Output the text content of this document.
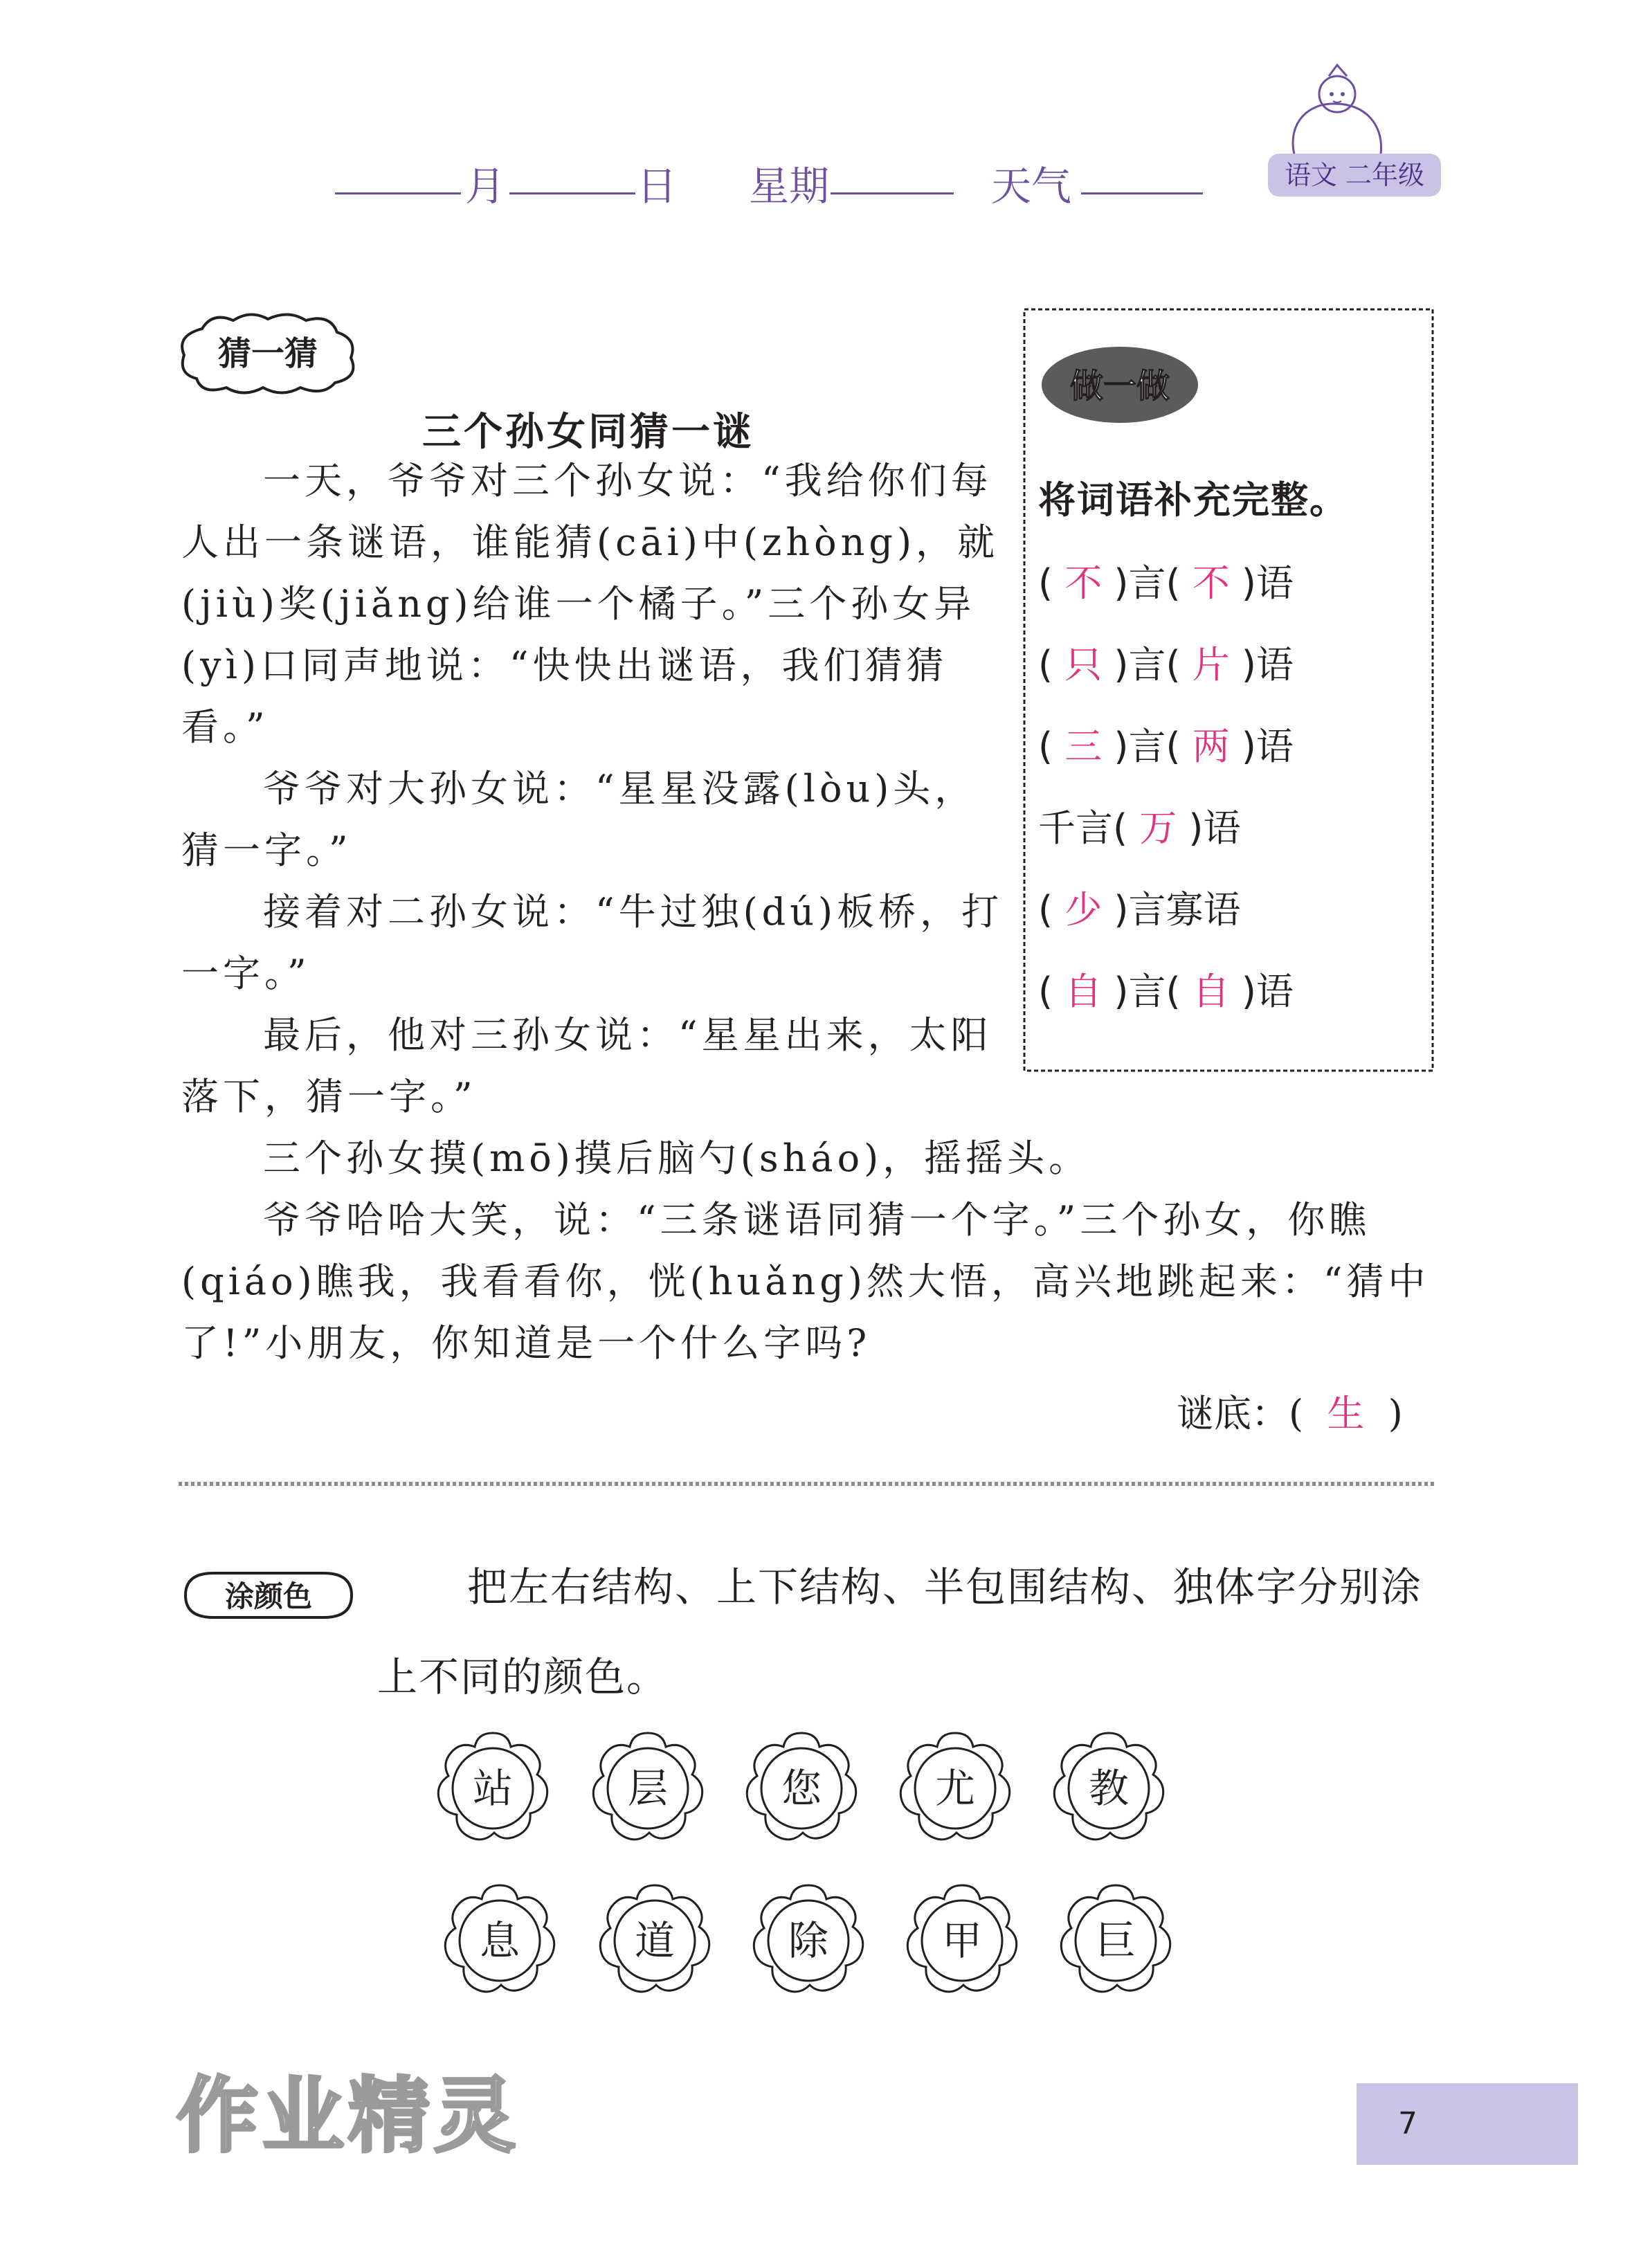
月	日 星期	天气	语文 二年级
猜一猜
三个孙女同猜一谜

一天，爷爷对三个孙女说：“我给你们每人出一条谜语，谁能猜(cāi)中(zhòng)，就(jiù)奖(jiǎng)给谁一个橘子。”三个孙女异(yì)口同声地说：“快快出谜语，我们猜猜看。”

爷爷对大孙女说：“星星没露(lòu)头，猜一字。”

接着对二孙女说：“牛过独(dú)板桥，打一字。”

最后，他对三孙女说：“星星出来，太阳落下，猜一字。”

三个孙女摸(mō)摸后脑勺(sháo)，摇摇头。

爷爷哈哈大笑，说：“三条谜语同猜一个字。”三个孙女，你瞧(qiáo)瞧我，我看看你，恍(huǎng)然大悟，高兴地跳起来：“猜中了!”小朋友，你知道是一个什么字吗?

谜底：( 生 )
做一做
将词语补充完整。
( 不 )言( 不 )语
( 只 )言( 片 )语
( 三 )言( 两 )语
千言( 万 )语
( 少 )言寡语
( 自 )言( 自 )语
涂颜色	把左右结构、上下结构、半包围结构、独体字分别涂上不同的颜色。
站	层	您	尤	教
息	道	除	甲	巨
作业精灵	7
